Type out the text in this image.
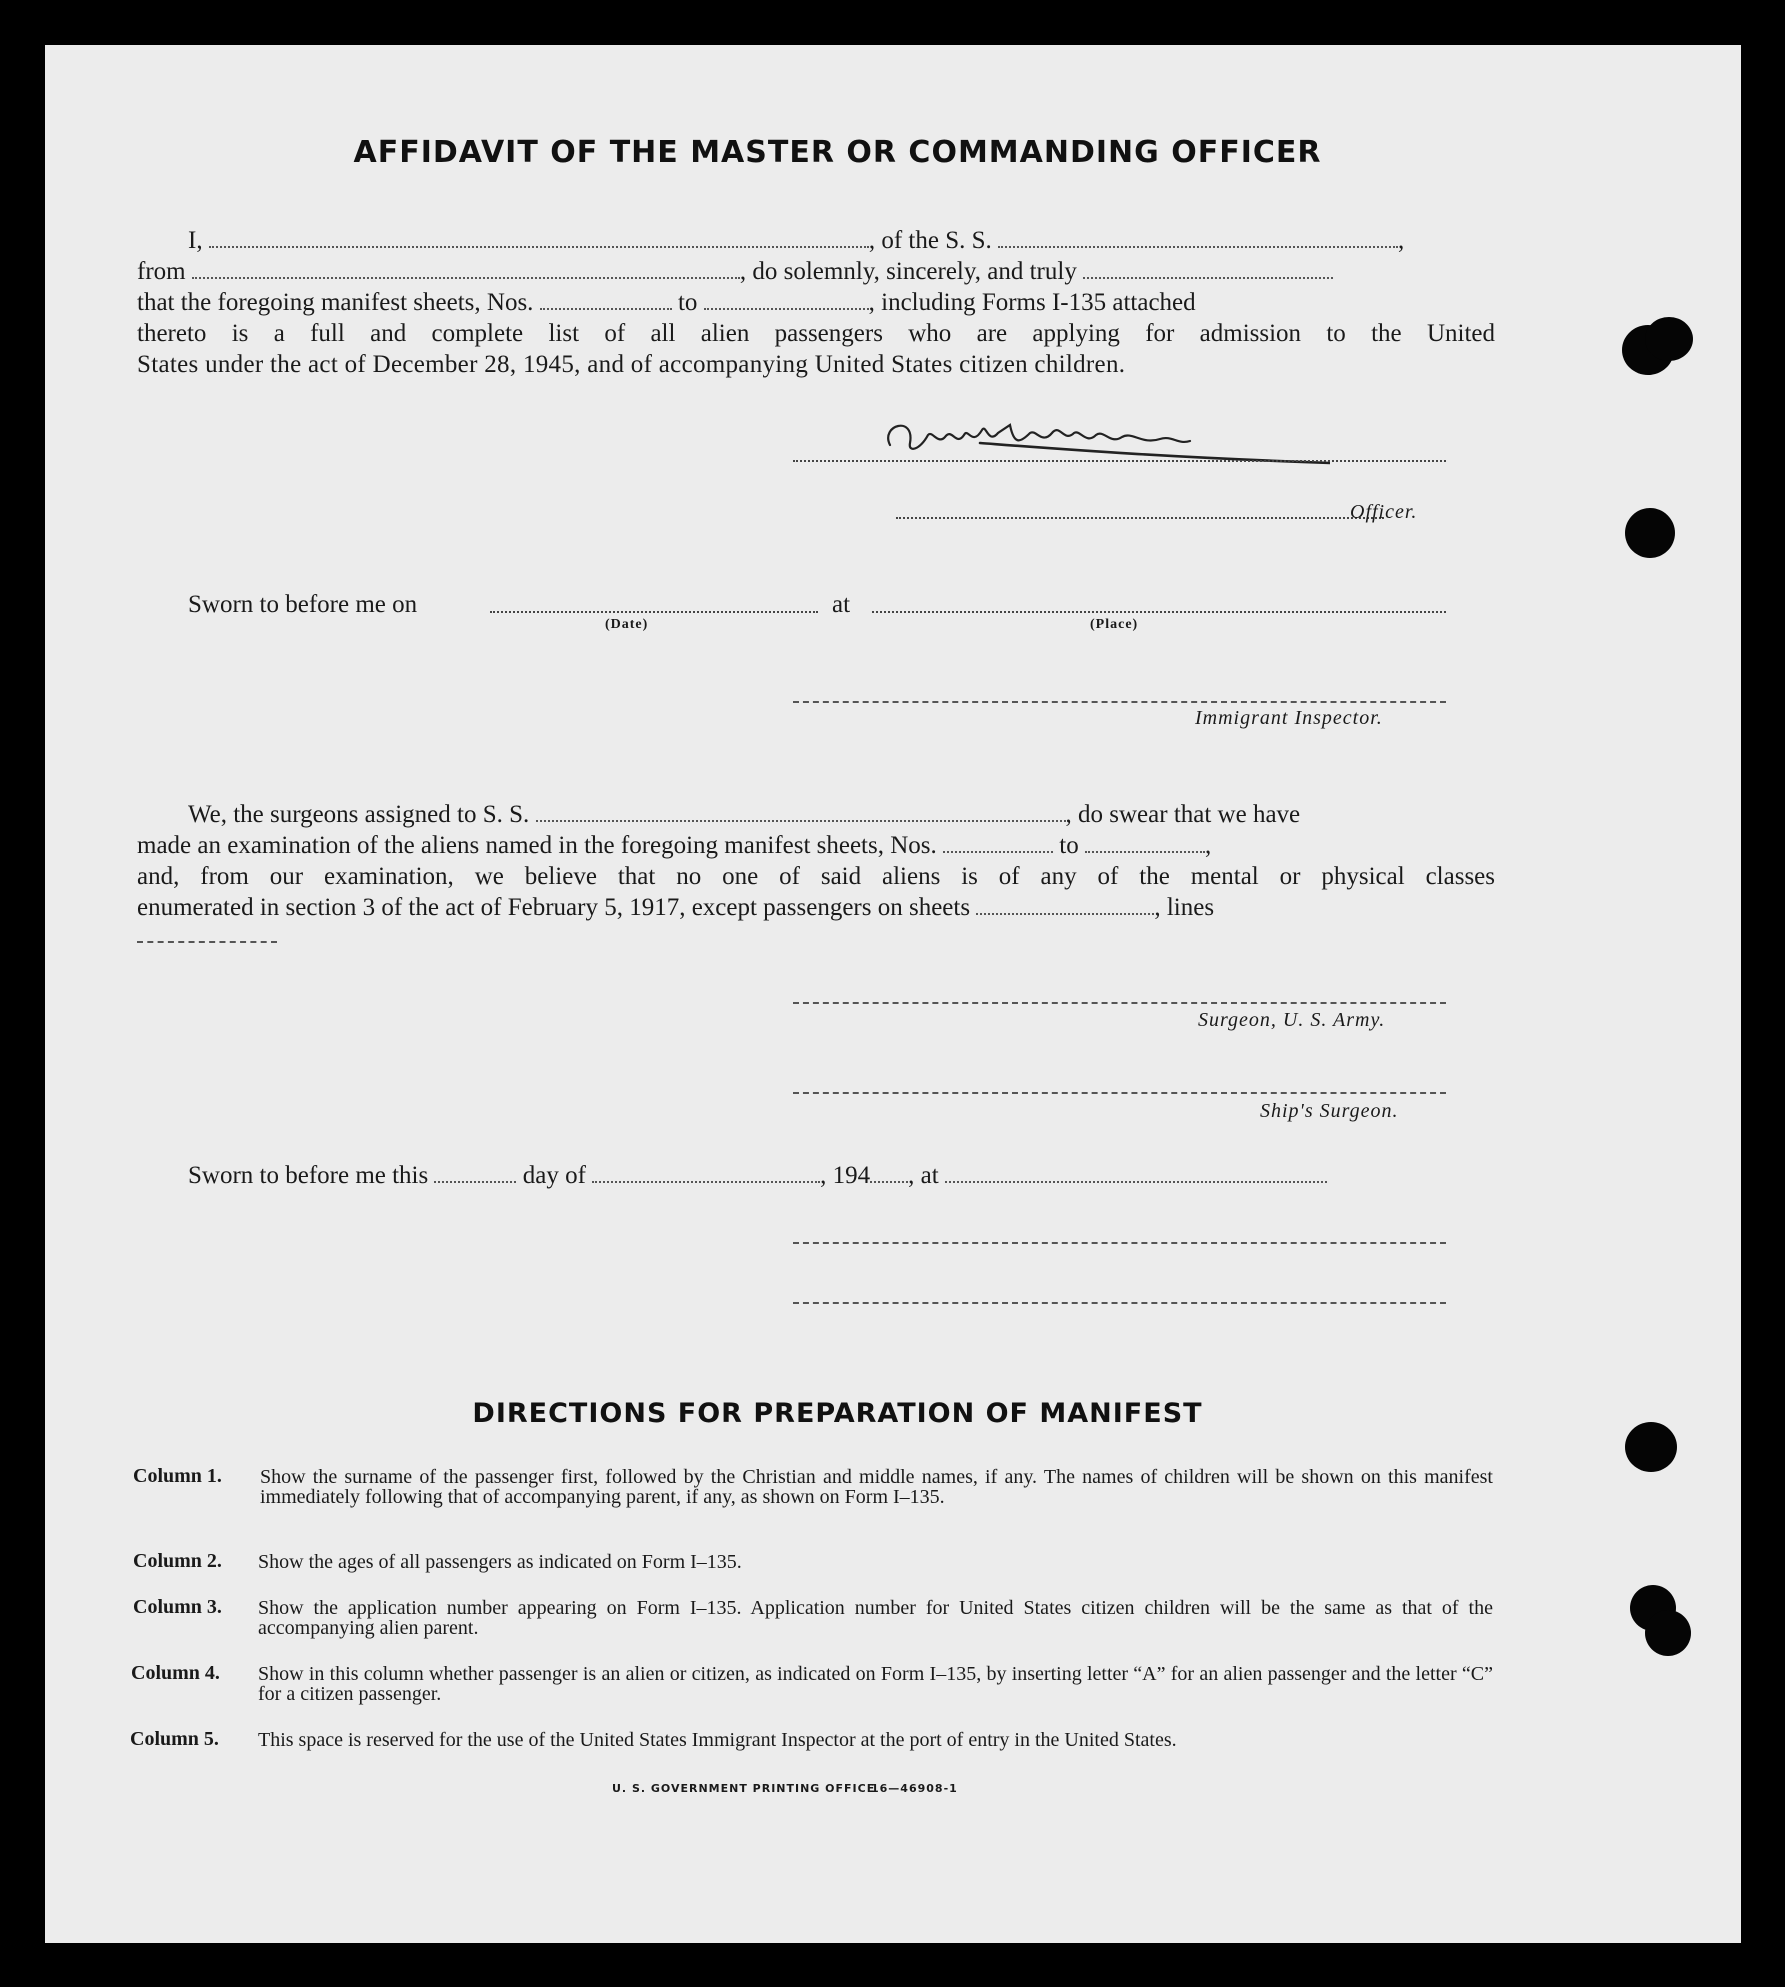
AFFIDAVIT OF THE MASTER OR COMMANDING OFFICER
I,	, of the S. S.	,
from	, do solemnly, sincerely, and truly
that the foregoing manifest sheets, Nos.	to	, including Forms I-135 attached
thereto is a full and complete list of all alien passengers who are applying for admission to the United
States under the act of December 28, 1945, and of accompanying United States citizen children.
Officer.
Sworn to before me on	at
(Date)	(Place)
Immigrant Inspector.
We, the surgeons assigned to S. S.	, do swear that we have
made an examination of the aliens named in the foregoing manifest sheets, Nos.	to	,
and, from our examination, we believe that no one of said aliens is of any of the mental or physical classes
enumerated in section 3 of the act of February 5, 1917, except passengers on sheets	, lines
Surgeon, U. S. Army.
Ship's Surgeon.
Sworn to before me this	day of	, 194 , at
DIRECTIONS FOR PREPARATION OF MANIFEST
Column 1. Show the surname of the passenger first, followed by the Christian and middle names, if any. The names of children will be shown on this manifest immediately following that of accompanying parent, if any, as shown on Form I–135.
Column 2. Show the ages of all passengers as indicated on Form I–135.
Column 3. Show the application number appearing on Form I–135. Application number for United States citizen children will be the same as that of the accompanying alien parent.
Column 4. Show in this column whether passenger is an alien or citizen, as indicated on Form I–135, by inserting letter “A” for an alien passenger and the letter “C” for a citizen passenger.
Column 5. This space is reserved for the use of the United States Immigrant Inspector at the port of entry in the United States.
U. S. GOVERNMENT PRINTING OFFICE
16—46908-1
